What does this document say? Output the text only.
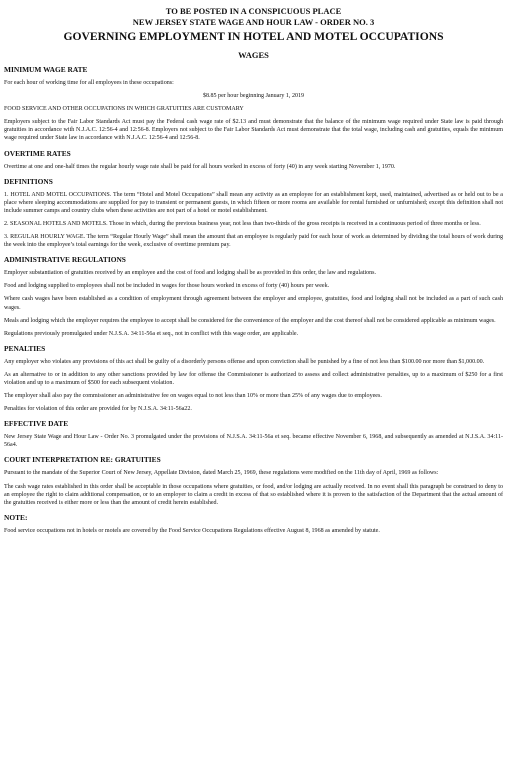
TO BE POSTED IN A CONSPICUOUS PLACE
NEW JERSEY STATE WAGE AND HOUR LAW - ORDER NO. 3
GOVERNING EMPLOYMENT IN HOTEL AND MOTEL OCCUPATIONS
WAGES
MINIMUM WAGE RATE

For each hour of working time for all employees in these occupations:

$8.85 per hour beginning January 1, 2019

FOOD SERVICE AND OTHER OCCUPATIONS IN WHICH GRATUITIES ARE CUSTOMARY

Employers subject to the Fair Labor Standards Act must pay the Federal cash wage rate of $2.13 and must demonstrate that the balance of the minimum wage required under State law is paid through gratuities in accordance with N.J.A.C. 12:56-4 and 12:56-8. Employers not subject to the Fair Labor Standards Act must demonstrate that the total wage, including cash and gratuities, equals the minimum wage required under State law in accordance with N.J.A.C. 12:56-4 and 12:56-8.

OVERTIME RATES

Overtime at one and one-half times the regular hourly wage rate shall be paid for all hours worked in excess of forty (40) in any week starting November 1, 1970.

DEFINITIONS

1. HOTEL AND MOTEL OCCUPATIONS. The term “Hotel and Motel Occupations” shall mean any activity as an employee for an establishment kept, used, maintained, advertised as or held out to be a place where sleeping accommodations are supplied for pay to transient or permanent guests, in which fifteen or more rooms are available for rental furnished or unfurnished; except this definition shall not include summer camps and country clubs when these activities are not part of a hotel or motel establishment.

2. SEASONAL HOTELS AND MOTELS. Those in which, during the previous business year, not less than two-thirds of the gross receipts is received in a continuous period of three months or less.

3. REGULAR HOURLY WAGE. The term “Regular Hourly Wage” shall mean the amount that an employee is regularly paid for each hour of work as determined by dividing the total hours of work during the week into the employee’s total earnings for the week, exclusive of overtime premium pay.

ADMINISTRATIVE REGULATIONS

Employer substantiation of gratuities received by an employee and the cost of food and lodging shall be as provided in this order, the law and regulations.

Food and lodging supplied to employees shall not be included in wages for those hours worked in excess of forty (40) hours per week.

Where cash wages have been established as a condition of employment through agreement between the employer and employee, gratuities, food and lodging shall not be included as a part of such cash wages.

Meals and lodging which the employer requires the employee to accept shall be considered for the convenience of the employer and the cost thereof shall not be considered applicable as minimum wages.

Regulations previously promulgated under N.J.S.A. 34:11-56a et seq., not in conflict with this wage order, are applicable.

PENALTIES

Any employer who violates any provisions of this act shall be guilty of a disorderly persons offense and upon conviction shall be punished by a fine of not less than $100.00 nor more than $1,000.00.

As an alternative to or in addition to any other sanctions provided by law for offense the Commissioner is authorized to assess and collect administrative penalties, up to a maximum of $250 for a first violation and up to a maximum of $500 for each subsequent violation.

The employer shall also pay the commissioner an administrative fee on wages equal to not less than 10% or more than 25% of any wages due to employees.

Penalties for violation of this order are provided for by N.J.S.A. 34:11-56a22.

EFFECTIVE DATE

New Jersey State Wage and Hour Law - Order No. 3 promulgated under the provisions of N.J.S.A. 34:11-56a et seq. became effective November 6, 1968, and subsequently as amended at N.J.S.A. 34:11-56a4.

COURT INTERPRETATION RE: GRATUITIES

Pursuant to the mandate of the Superior Court of New Jersey, Appellate Division, dated March 25, 1969, these regulations were modified on the 11th day of April, 1969 as follows:

The cash wage rates established in this order shall be acceptable in those occupations where gratuities, or food, and/or lodging are actually received. In no event shall this paragraph be construed to deny to an employee the right to claim additional compensation, or to an employer to claim a credit in excess of that so established where it is proven to the satisfaction of the Department that the actual amount of the gratuities received is either more or less than the amount of credit herein established.

NOTE:

Food service occupations not in hotels or motels are covered by the Food Service Occupations Regulations effective August 8, 1968 as amended by statute.
